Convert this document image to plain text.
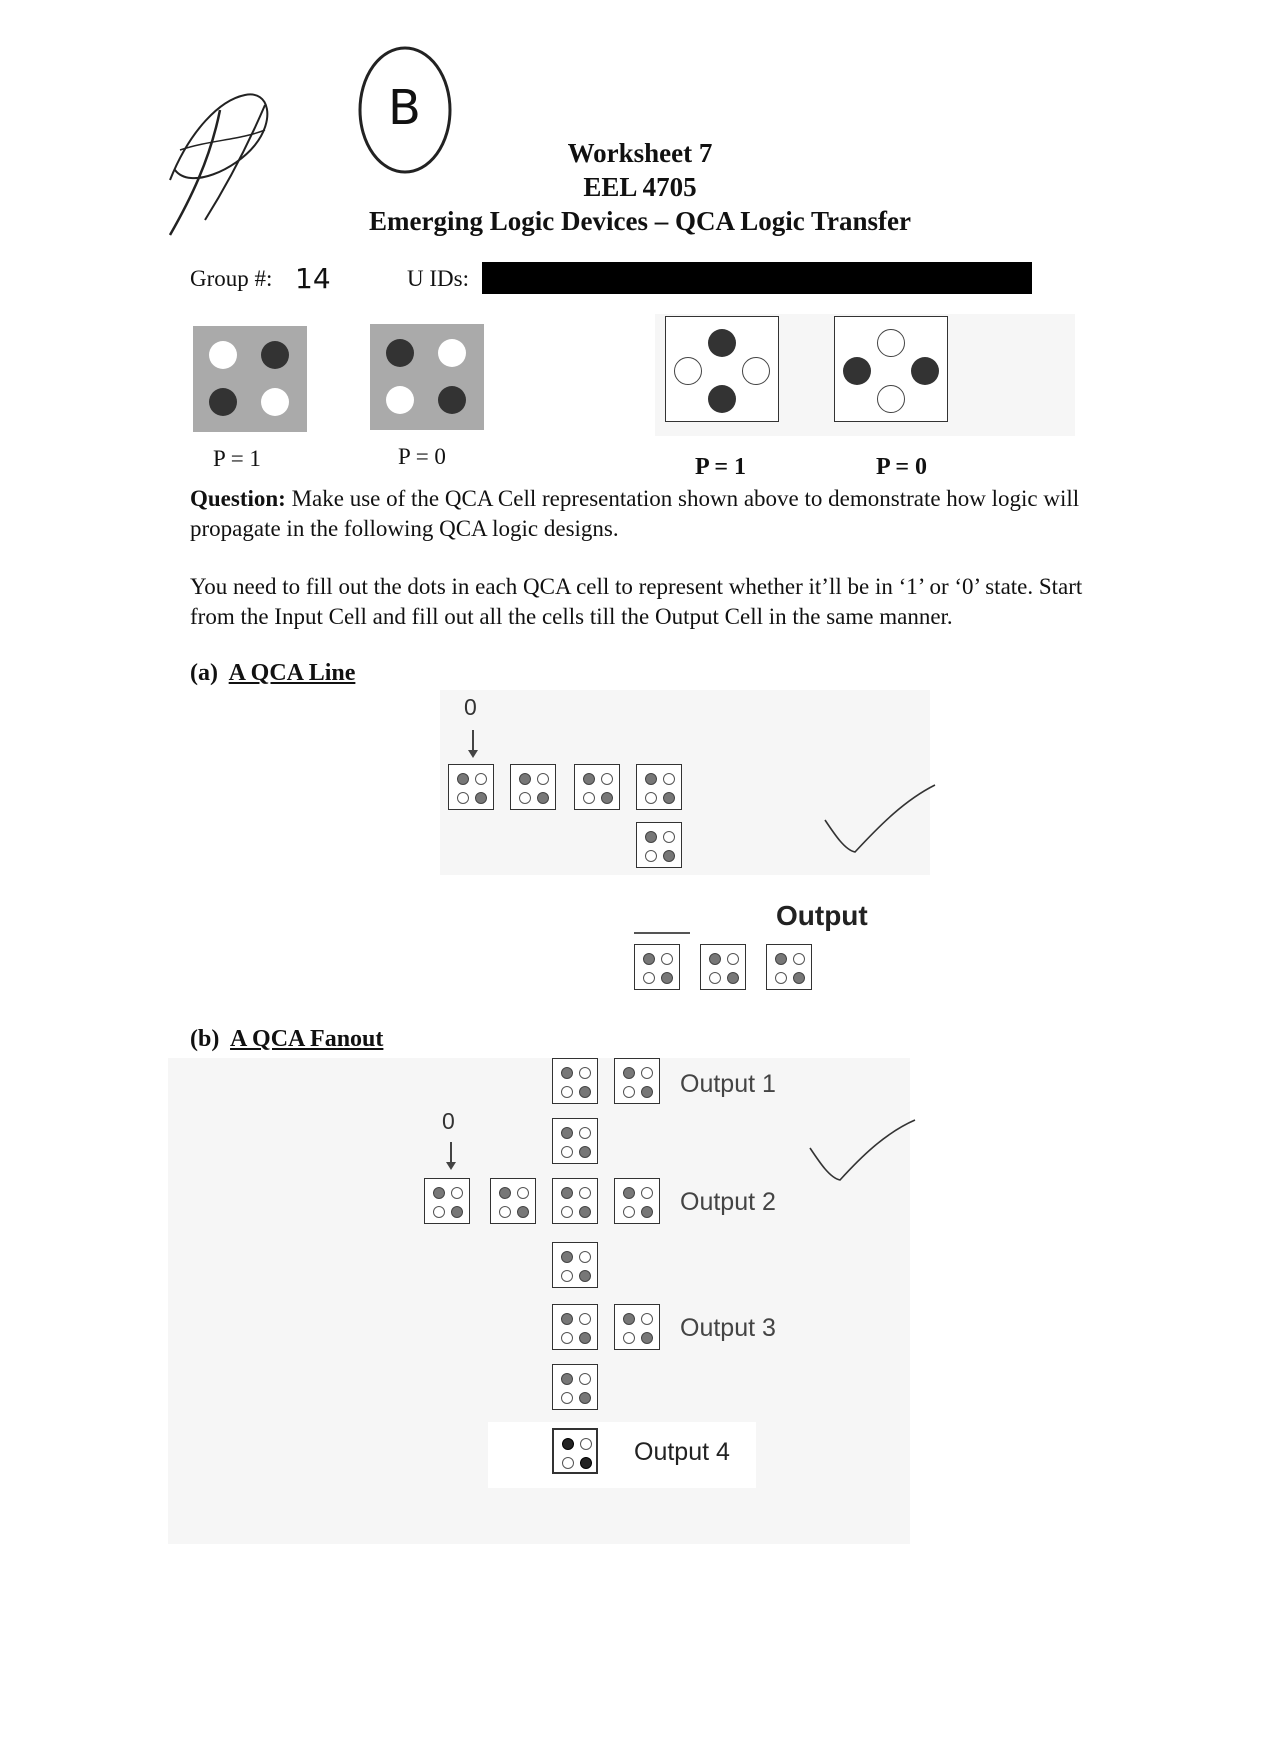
B
Worksheet 7
EEL 4705
Emerging Logic Devices – QCA Logic Transfer
Group #: 14	U IDs:
P = 1	P = 0	P = 1	P = 0
Question: Make use of the QCA Cell representation shown above to demonstrate how logic will propagate in the following QCA logic designs.
You need to fill out the dots in each QCA cell to represent whether it’ll be in ‘1’ or ‘0’ state. Start from the Input Cell and fill out all the cells till the Output Cell in the same manner.
(a) A QCA Line
0
Output
(b) A QCA Fanout
0
Output 1
Output 2
Output 3
Output 4
